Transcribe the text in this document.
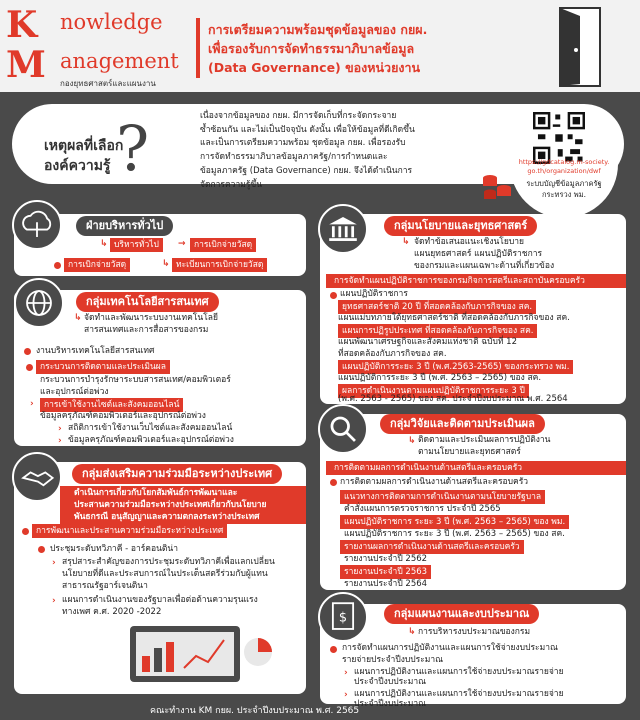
K
M
nowledge
anagement
กองยุทธศาสตร์และแผนงาน
การเตรียมความพร้อมชุดข้อมูลของ กยผ.
เพื่อรองรับการจัดทำธรรมาภิบาลข้อมูล
(Data Governance) ของหน่วยงาน
เหตุผลที่เลือก
องค์ความรู้ ?	เนื่องจากข้อมูลของ กยผ. มีการจัดเก็บที่กระจัดกระจาย
ซ้ำซ้อนกัน และไม่เป็นปัจจุบัน ดังนั้น เพื่อให้ข้อมูลที่ดีเกิดขึ้น
และเป็นการเตรียมความพร้อม ชุดข้อมูล กยผ. เพื่อรองรับ
การจัดทำธรรมาภิบาลข้อมูลภาครัฐ/การกำหนดและ
ข้อมูลภาครัฐ (Data Governance) กยผ. จึงได้ดำเนินการ
จัดการความรู้ขึ้น
https://gdcatalog.m-society.
go.th/organization/dwf
ระบบบัญชีข้อมูลภาครัฐ
กระทรวง พม.
ฝ่ายบริหารทั่วไป
↳ บริหารทั่วไป	→ การเบิกจ่ายวัสดุ
การเบิกจ่ายวัสดุ	↳ ทะเบียนการเบิกจ่ายวัสดุ
กลุ่มเทคโนโลยีสารสนเทศ
↳ จัดทำและพัฒนาระบบงานเทคโนโลยี
สารสนเทศและการสื่อสารของกรม
งานบริหารเทคโนโลยีสารสนเทศ
กระบวนการติดตามและประเมินผล
กระบวนการบำรุงรักษาระบบสารสนเทศ/คอมพิวเตอร์
และอุปกรณ์ต่อพ่วง
›	การเข้าใช้งานไซต์และสังคมออนไลน์
ข้อมูลครุภัณฑ์คอมพิวเตอร์และอุปกรณ์ต่อพ่วง
› สถิติการเข้าใช้งานเว็บไซต์และสังคมออนไลน์
› ข้อมูลครุภัณฑ์คอมพิวเตอร์และอุปกรณ์ต่อพ่วง
กลุ่มส่งเสริมความร่วมมือระหว่างประเทศ
ดำเนินการเกี่ยวกับโยกสัมพันธ์การพัฒนาและ
ประสานความร่วมมือระหว่างประเทศเกี่ยวกับนโยบาย
พันธกรณี อนุสัญญาและความตกลงระหว่างประเทศ
การพัฒนาและประสานความร่วมมือระหว่างประเทศ
ประชุมระดับทวิภาคี - อาร์คอนติน่า
› สรุปสาระสำคัญของการประชุมระดับทวิภาคีเพื่อแลกเปลี่ยน
นโยบายที่ดีและประสบการณ์ในประเด็นสตรีร่วมกับผู้แทน
สาธารณรัฐอาร์เจนตินา
› แผนการดำเนินงานของรัฐบาลเพื่อต่อต้านความรุนแรง
ทางเพศ ค.ศ. 2020 -2022
กลุ่มนโยบายและยุทธศาสตร์
↳ จัดทำข้อเสนอแนะเชิงนโยบาย
แผนยุทธศาสตร์ แผนปฏิบัติราชการ
ของกรมและแผนเฉพาะด้านที่เกี่ยวข้อง
การจัดทำแผนปฏิบัติราชการของกรมกิจการสตรีและสถาบันครอบครัว
แผนปฏิบัติราชการ
ยุทธศาสตร์ชาติ 20 ปี ที่สอดคล้องกับภารกิจของ สค.
แผนแม่บทภายใต้ยุทธศาสตร์ชาติ ที่สอดคล้องกับภารกิจของ สค.
แผนการปฏิรูปประเทศ ที่สอดคล้องกับภารกิจของ สค.
แผนพัฒนาเศรษฐกิจและสังคมแห่งชาติ ฉบับที่ 12
ที่สอดคล้องกับภารกิจของ สค.
แผนปฏิบัติการระยะ 3 ปี (พ.ศ.2563-2565) ของกระทรวง พม.
แผนปฏิบัติการระยะ 3 ปี (พ.ศ. 2563 – 2565) ของ สค.
ผลการดำเนินงานตามแผนปฏิบัติราชการระยะ 3 ปี
(พ.ศ. 2563 - 2565) ของ สค. ประจำปีงบประมาณ พ.ศ. 2564
กลุ่มวิจัยและติดตามประเมินผล
↳ ติดตามและประเมินผลการปฏิบัติงาน
ตามนโยบายและยุทธศาสตร์
การติดตามผลการดำเนินงานด้านสตรีและครอบครัว
การติดตามผลการดำเนินงานด้านสตรีและครอบครัว
แนวทางการติดตามการดำเนินงานตามนโยบายรัฐบาล
คำสั่งแผนการตรวจราชการ ประจำปี 2565
แผนปฏิบัติราชการ ระยะ 3 ปี (พ.ศ. 2563 – 2565) ของ พม.
แผนปฏิบัติราชการ ระยะ 3 ปี (พ.ศ. 2563 – 2565) ของ สค.
รายงานผลการดำเนินงานด้านสตรีและครอบครัว
รายงานประจำปี 2562
รายงานประจำปี 2563
รายงานประจำปี 2564
$	กลุ่มแผนงานและงบประมาณ
↳ การบริหารงบประมาณของกรม
การจัดทำแผนการปฏิบัติงานและแผนการใช้จ่ายงบประมาณ
รายจ่ายประจำปีงบประมาณ
› แผนการปฏิบัติงานและแผนการใช้จ่ายงบประมาณรายจ่าย
ประจำปีงบประมาณ
› แผนการปฏิบัติงานและแผนการใช้จ่ายงบประมาณรายจ่าย
ประจำปีงบประมาณ
คณะทำงาน KM กยผ. ประจำปีงบประมาณ พ.ศ. 2565
